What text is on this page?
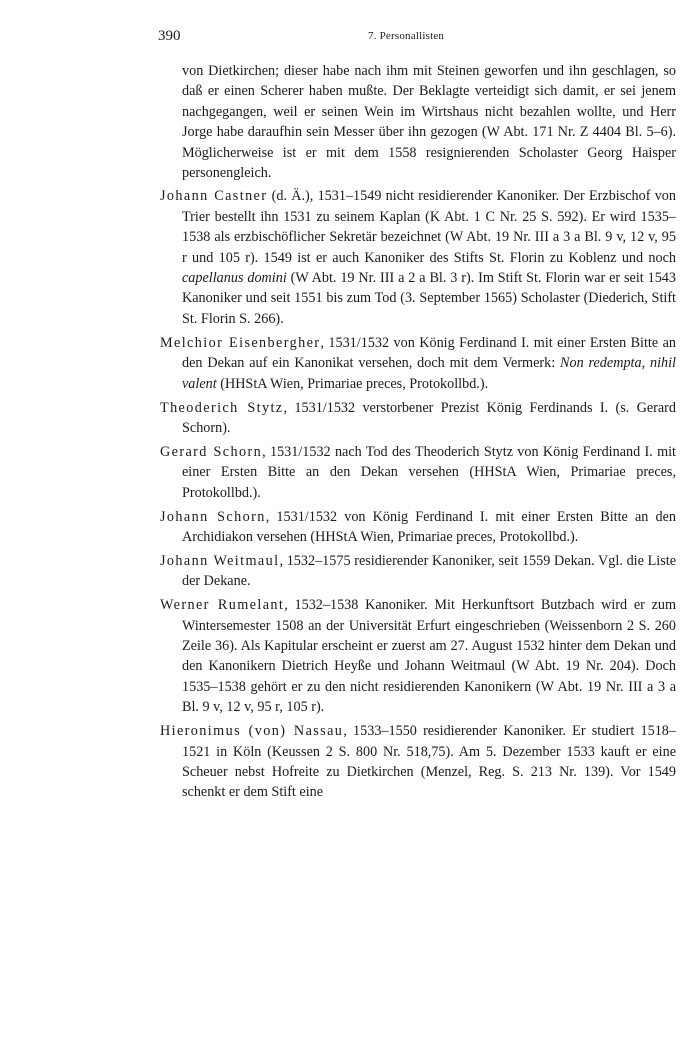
390	7. Personallisten

von Dietkirchen; dieser habe nach ihm mit Steinen geworfen und ihn geschlagen, so daß er einen Scherer haben mußte. Der Beklagte verteidigt sich damit, er sei jenem nachgegangen, weil er seinen Wein im Wirtshaus nicht bezahlen wollte, und Herr Jorge habe daraufhin sein Messer über ihn gezogen (W Abt. 171 Nr. Z 4404 Bl. 5–6). Möglicherweise ist er mit dem 1558 resignierenden Scholaster Georg Haisper personengleich.

Johann Castner (d. Ä.), 1531–1549 nicht residierender Kanoniker. Der Erzbischof von Trier bestellt ihn 1531 zu seinem Kaplan (K Abt. 1 C Nr. 25 S. 592). Er wird 1535–1538 als erzbischöflicher Sekretär bezeichnet (W Abt. 19 Nr. III a 3 a Bl. 9 v, 12 v, 95 r und 105 r). 1549 ist er auch Kanoniker des Stifts St. Florin zu Koblenz und noch capellanus domini (W Abt. 19 Nr. III a 2 a Bl. 3 r). Im Stift St. Florin war er seit 1543 Kanoniker und seit 1551 bis zum Tod (3. September 1565) Scholaster (Diederich, Stift St. Florin S. 266).

Melchior Eisenbergher, 1531/1532 von König Ferdinand I. mit einer Ersten Bitte an den Dekan auf ein Kanonikat versehen, doch mit dem Vermerk: Non redempta, nihil valent (HHStA Wien, Primariae preces, Protokollbd.).

Theoderich Stytz, 1531/1532 verstorbener Prezist König Ferdinands I. (s. Gerard Schorn).

Gerard Schorn, 1531/1532 nach Tod des Theoderich Stytz von König Ferdinand I. mit einer Ersten Bitte an den Dekan versehen (HHStA Wien, Primariae preces, Protokollbd.).

Johann Schorn, 1531/1532 von König Ferdinand I. mit einer Ersten Bitte an den Archidiakon versehen (HHStA Wien, Primariae preces, Protokollbd.).

Johann Weitmaul, 1532–1575 residierender Kanoniker, seit 1559 Dekan. Vgl. die Liste der Dekane.

Werner Rumelant, 1532–1538 Kanoniker. Mit Herkunftsort Butzbach wird er zum Wintersemester 1508 an der Universität Erfurt eingeschrieben (Weissenborn 2 S. 260 Zeile 36). Als Kapitular erscheint er zuerst am 27. August 1532 hinter dem Dekan und den Kanonikern Dietrich Heyße und Johann Weitmaul (W Abt. 19 Nr. 204). Doch 1535–1538 gehört er zu den nicht residierenden Kanonikern (W Abt. 19 Nr. III a 3 a Bl. 9 v, 12 v, 95 r, 105 r).

Hieronimus (von) Nassau, 1533–1550 residierender Kanoniker. Er studiert 1518–1521 in Köln (Keussen 2 S. 800 Nr. 518,75). Am 5. Dezember 1533 kauft er eine Scheuer nebst Hofreite zu Dietkirchen (Menzel, Reg. S. 213 Nr. 139). Vor 1549 schenkt er dem Stift eine
